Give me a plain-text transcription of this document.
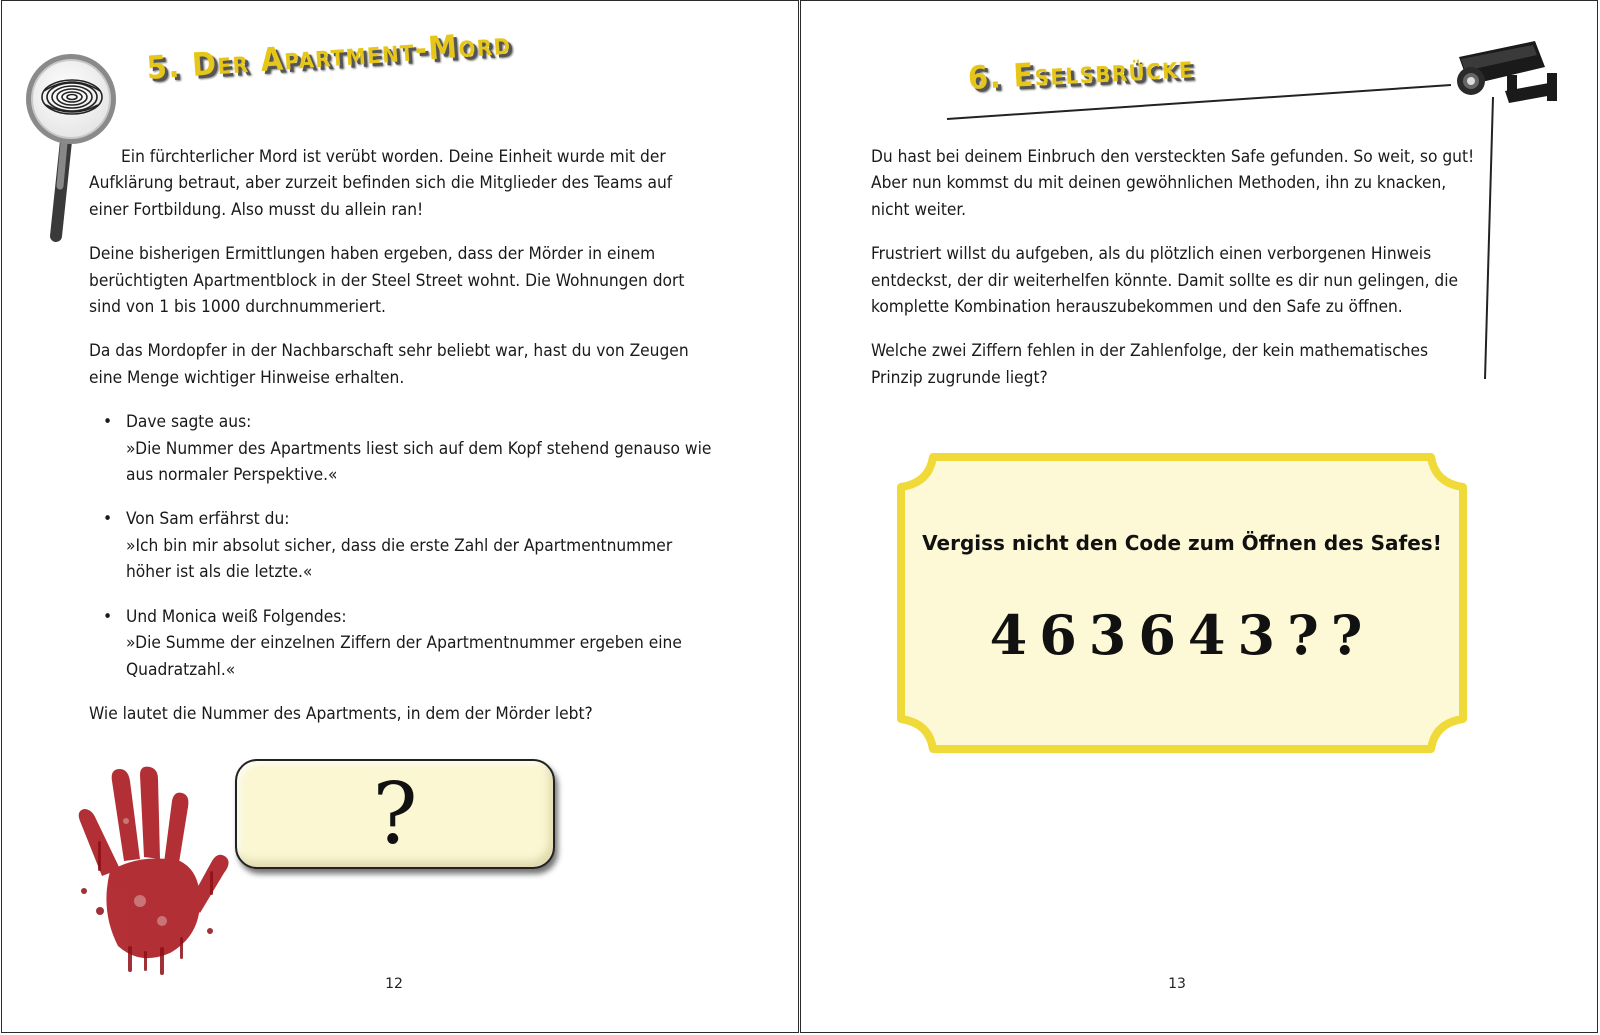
5. Der Apartment-Mord

Ein fürchterlicher Mord ist verübt worden. Deine Einheit wurde mit der Aufklärung betraut, aber zurzeit befinden sich die Mitglieder des Teams auf einer Fortbildung. Also musst du allein ran!

Deine bisherigen Ermittlungen haben ergeben, dass der Mörder in einem berüchtigten Apartmentblock in der Steel Street wohnt. Die Wohnungen dort sind von 1 bis 1000 durchnummeriert.

Da das Mordopfer in der Nachbarschaft sehr beliebt war, hast du von Zeugen eine Menge wichtiger Hinweise erhalten.

• Dave sagte aus:
»Die Nummer des Apartments liest sich auf dem Kopf stehend genauso wie aus normaler Perspektive.«
• Von Sam erfährst du:
»Ich bin mir absolut sicher, dass die erste Zahl der Apartmentnummer höher ist als die letzte.«
• Und Monica weiß Folgendes:
»Die Summe der einzelnen Ziffern der Apartmentnummer ergeben eine Quadratzahl.«

Wie lautet die Nummer des Apartments, in dem der Mörder lebt?

?
12
6. Eselsbrücke

Du hast bei deinem Einbruch den versteckten Safe gefunden. So weit, so gut! Aber nun kommst du mit deinen gewöhnlichen Methoden, ihn zu knacken, nicht weiter.

Frustriert willst du aufgeben, als du plötzlich einen verborgenen Hinweis entdeckst, der dir weiterhelfen könnte. Damit sollte es dir nun gelingen, die komplette Kombination herauszubekommen und den Safe zu öffnen.

Welche zwei Ziffern fehlen in der Zahlenfolge, der kein mathematisches Prinzip zugrunde liegt?

Vergiss nicht den Code zum Öffnen des Safes!
463643??
13
